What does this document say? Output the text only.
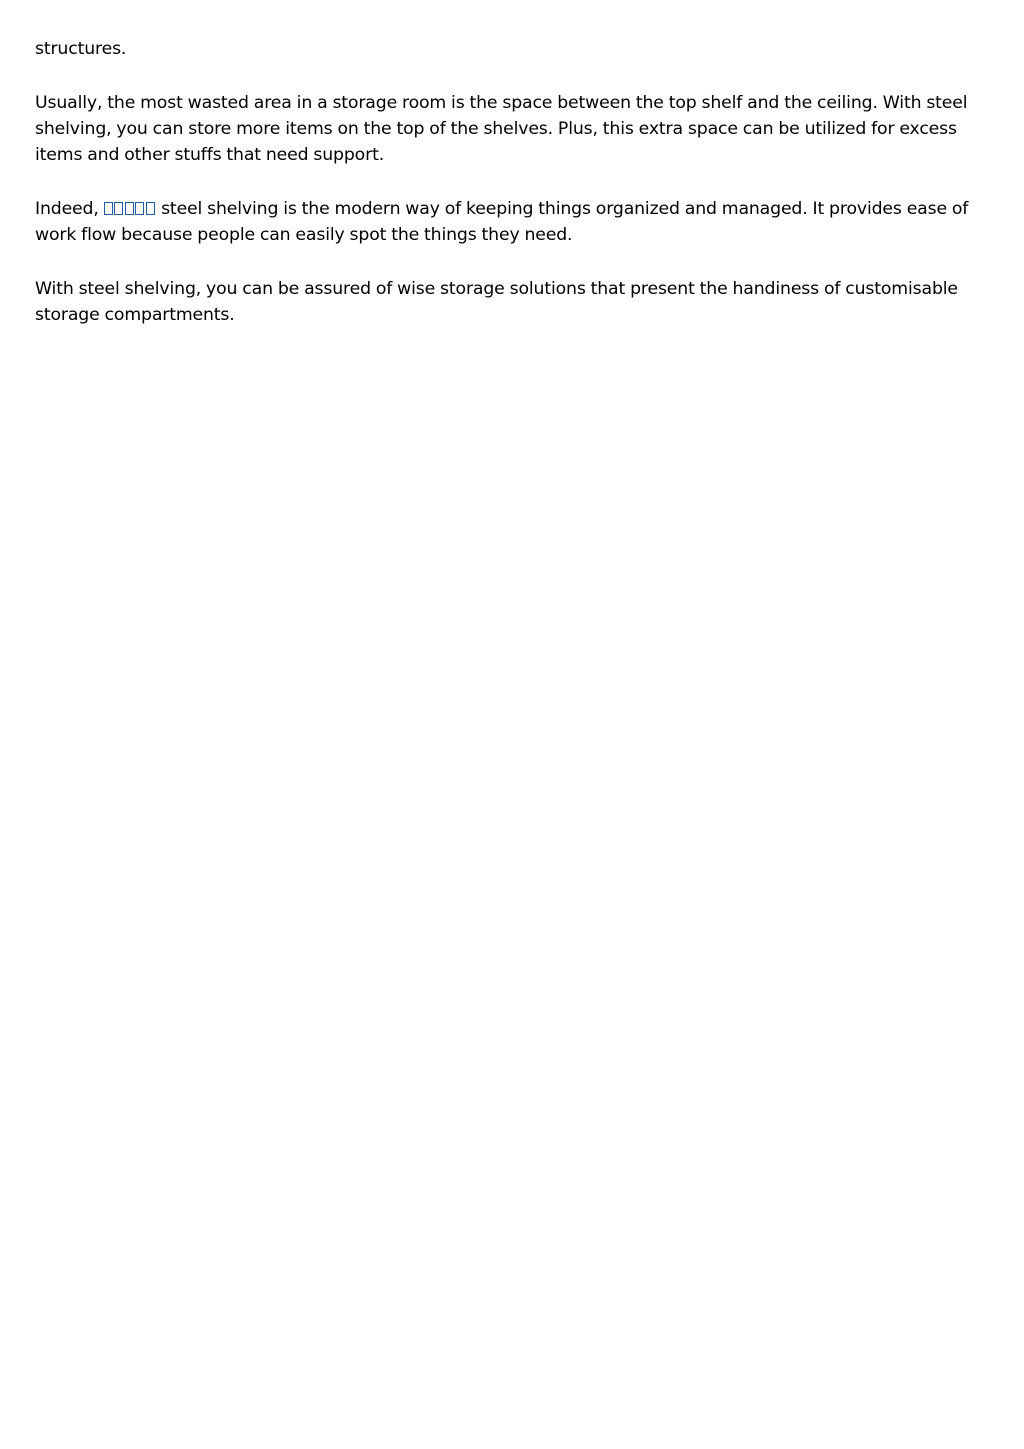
structures.

Usually, the most wasted area in a storage room is the space between the top shelf and the ceiling. With steel shelving, you can store more items on the top of the shelves. Plus, this extra space can be utilized for excess items and other stuffs that need support.

Indeed,	steel shelving is the modern way of keeping things organized and managed. It provides ease of work flow because people can easily spot the things they need.

With steel shelving, you can be assured of wise storage solutions that present the handiness of customisable storage compartments.
